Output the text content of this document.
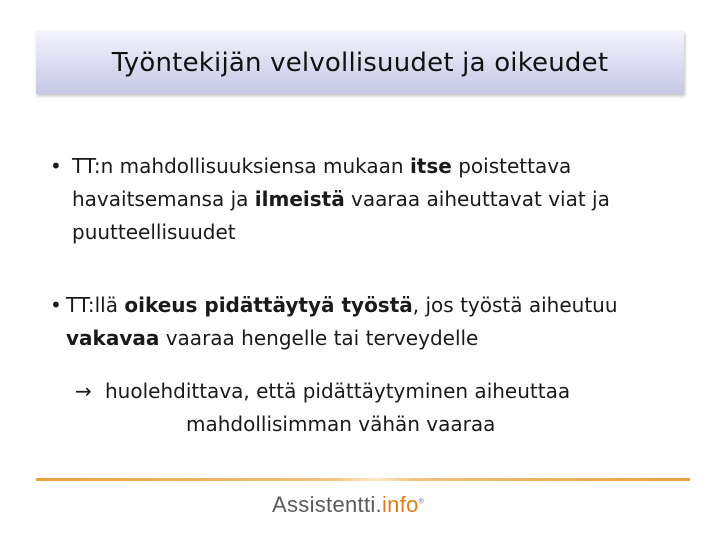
Työntekijän velvollisuudet ja oikeudet
• TT:n mahdollisuuksiensa mukaan itse poistettava
havaitsemansa ja ilmeistä vaaraa aiheuttavat viat ja
puutteellisuudet
• TT:llä oikeus pidättäytyä työstä, jos työstä aiheutuu
vakavaa vaaraa hengelle tai terveydelle
→ huolehdittava, että pidättäytyminen aiheuttaa
mahdollisimman vähän vaaraa
Assistentti.info®
